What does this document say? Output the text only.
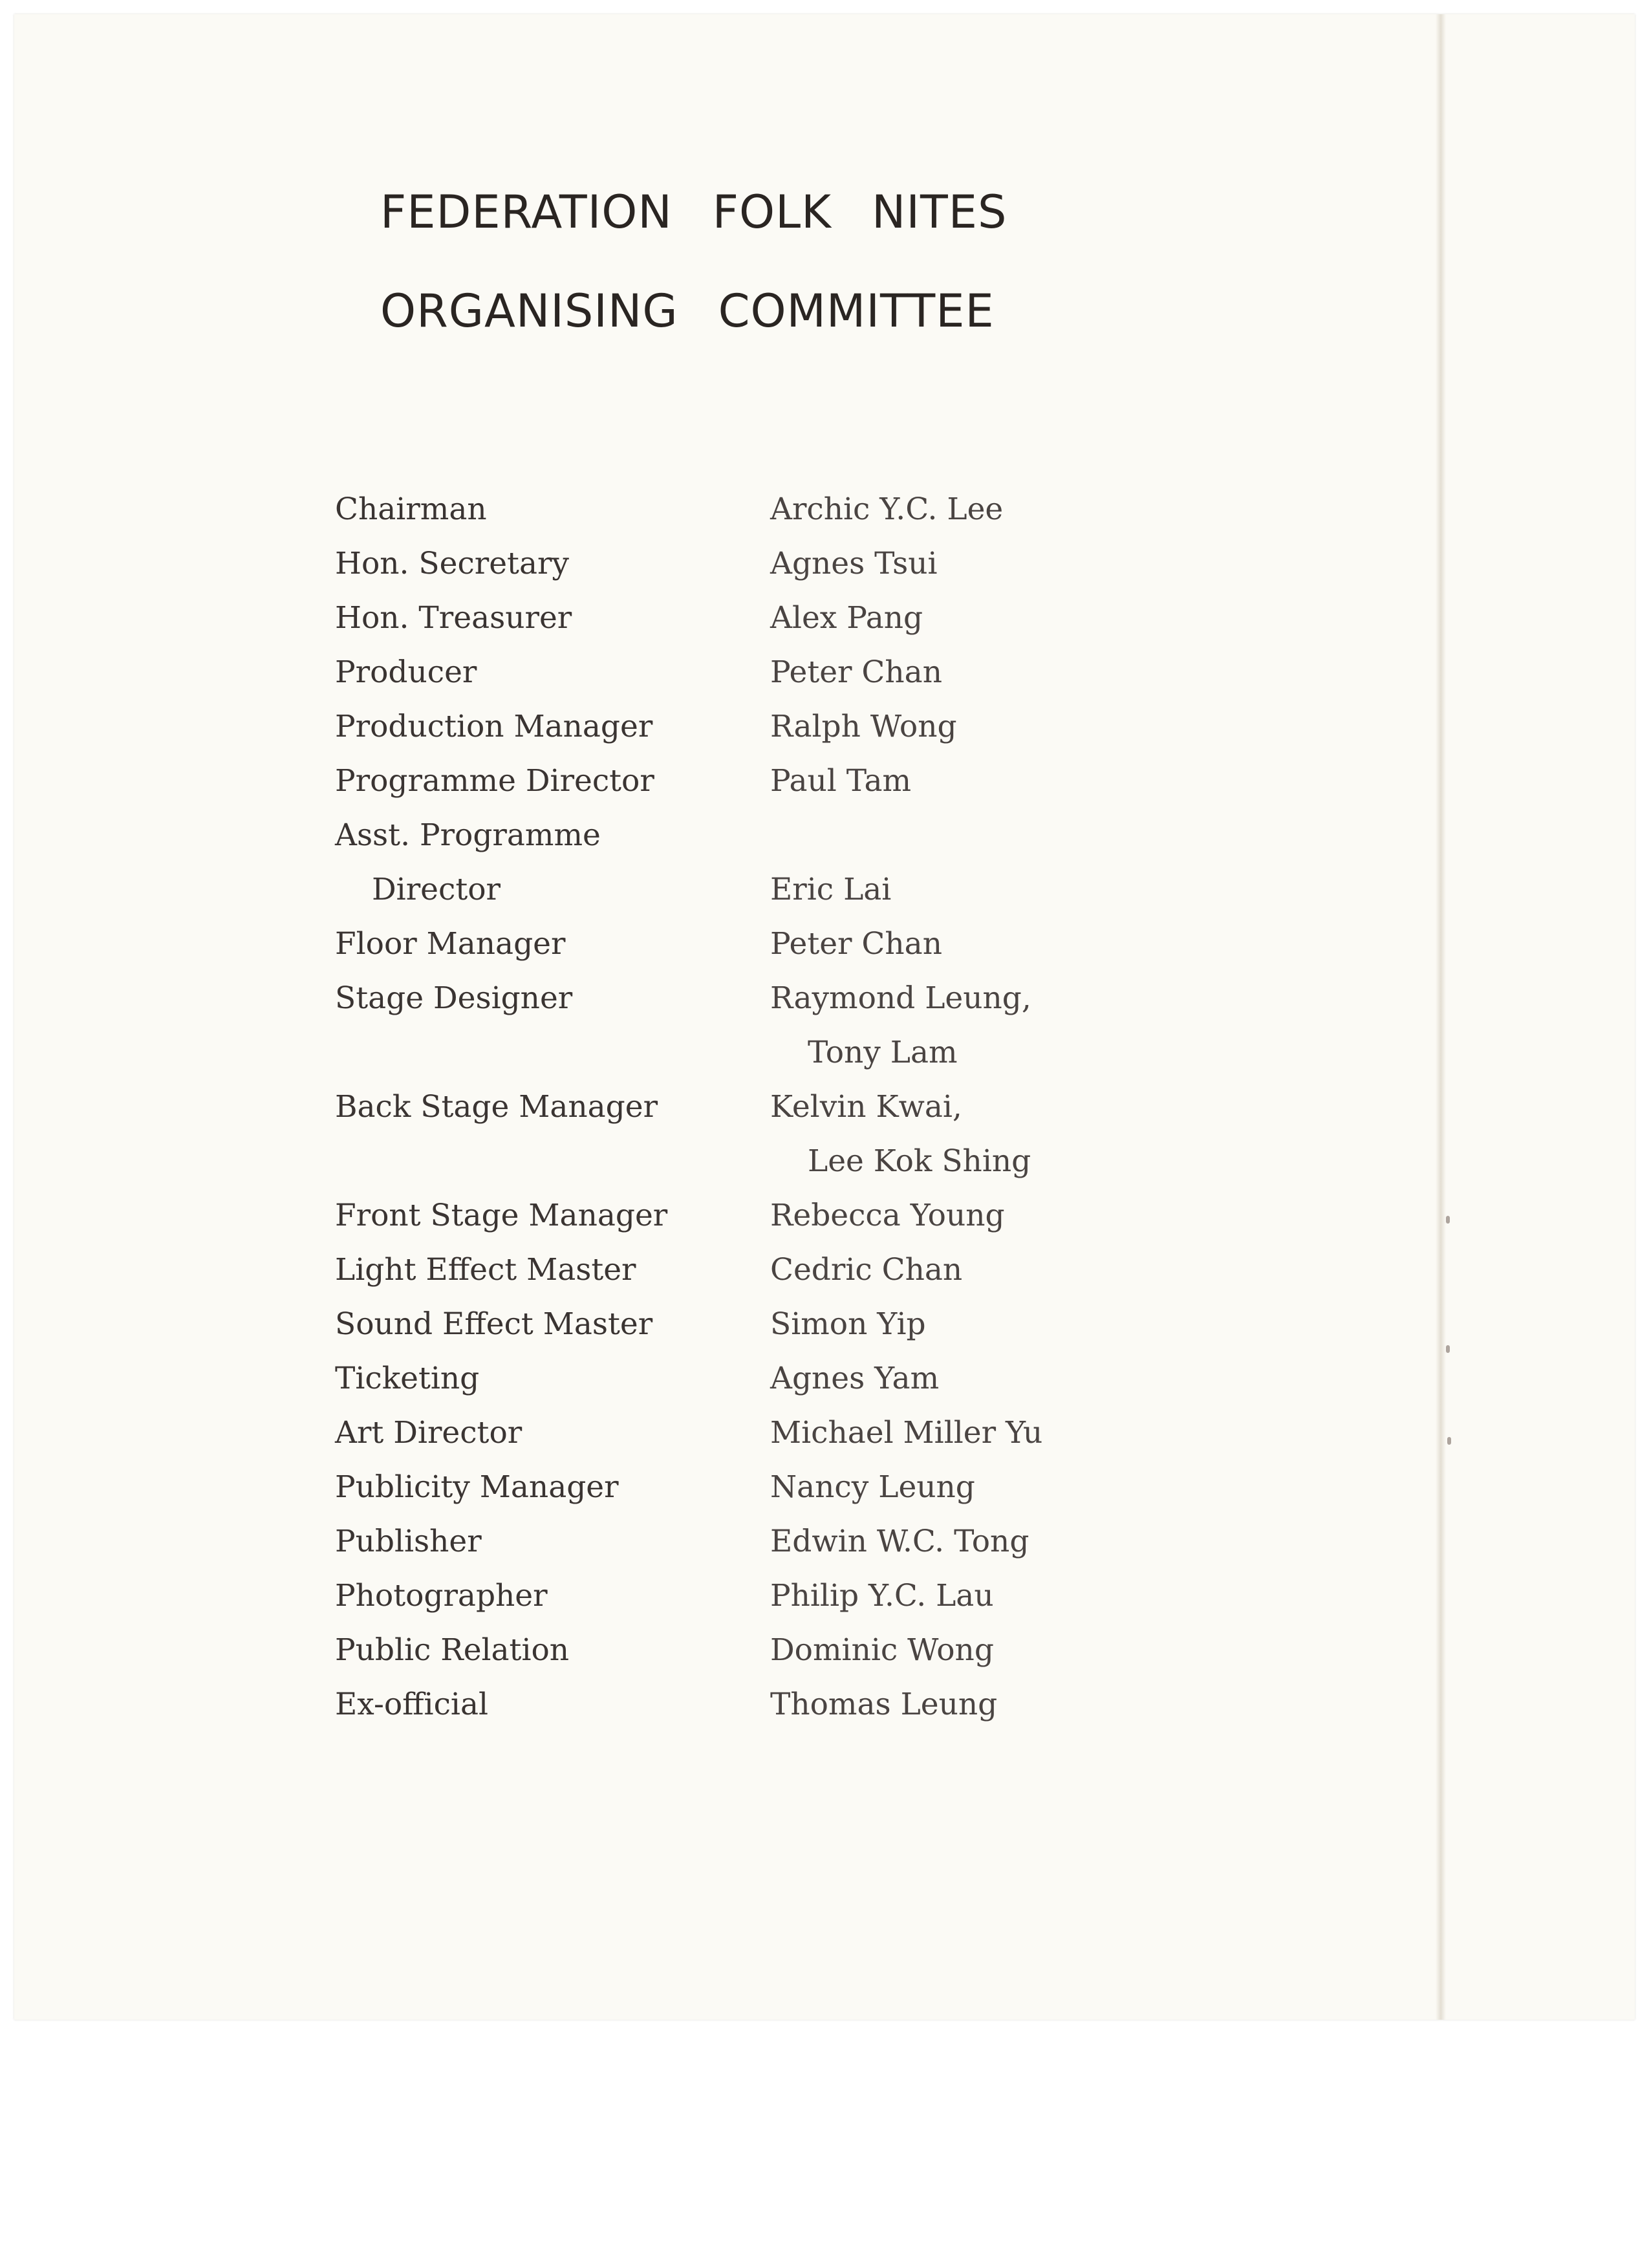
FEDERATION FOLK NITES
ORGANISING COMMITTEE
Chairman	Archic Y.C. Lee
Hon. Secretary	Agnes Tsui
Hon. Treasurer	Alex Pang
Producer	Peter Chan
Production Manager	Ralph Wong
Programme Director	Paul Tam
Asst. Programme
Director	Eric Lai
Floor Manager	Peter Chan
Stage Designer	Raymond Leung,
Tony Lam
Back Stage Manager	Kelvin Kwai,
Lee Kok Shing
Front Stage Manager	Rebecca Young
Light Effect Master	Cedric Chan
Sound Effect Master	Simon Yip
Ticketing	Agnes Yam
Art Director	Michael Miller Yu
Publicity Manager	Nancy Leung
Publisher	Edwin W.C. Tong
Photographer	Philip Y.C. Lau
Public Relation	Dominic Wong
Ex-official	Thomas Leung
